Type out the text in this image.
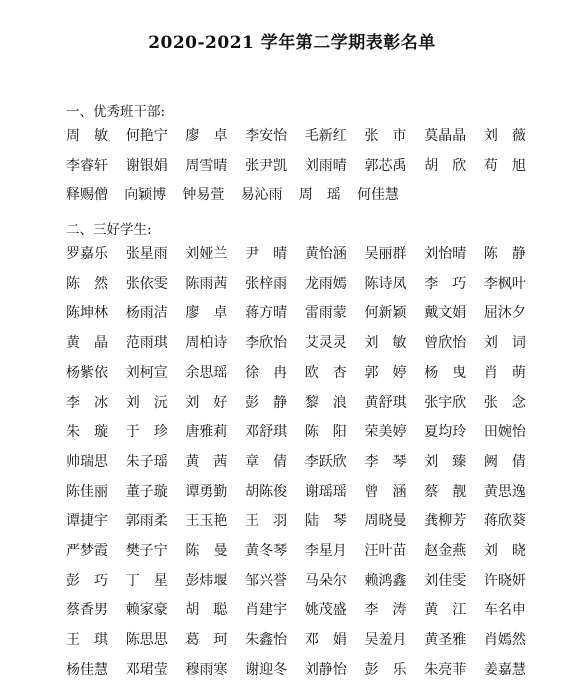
2020-2021 学年第二学期表彰名单
一、优秀班干部:
周　敏	何艳宁	廖　卓	李安怡	毛新红	张　市	莫晶晶	刘　薇
李睿轩	谢银娟	周雪晴	张尹凯	刘雨晴	郭芯禹	胡　欣	苟　旭
释赐僧	向颖博	钟易萱	易沁雨	周　瑶	何佳慧
二、三好学生:
罗嘉乐	张星雨	刘娅兰	尹　晴	黄怡涵	吴丽群	刘怡晴	陈　静
陈　然	张依雯	陈雨茜	张梓雨	龙雨嫣	陈诗凤	李　巧	李枫叶
陈坤林	杨雨洁	廖　卓	蒋方晴	雷雨蒙	何新颖	戴文娟	屈沐夕
黄　晶	范雨琪	周柏诗	李欣怡	艾灵灵	刘　敏	曾欣怡	刘　词
杨紫依	刘柯宣	余思瑶	徐　冉	欧　杏	郭　婷	杨　曳	肖　萌
李　冰	刘　沅	刘　好	彭　静	黎　浪	黄舒琪	张宇欣	张　念
朱　璇	于　珍	唐雅莉	邓舒琪	陈　阳	荣美婷	夏均玲	田婉怡
帅瑞思	朱子瑶	黄　茜	章　倩	李跃欣	李　琴	刘　臻	阙　倩
陈佳丽	董子璇	谭勇勤	胡陈俊	谢瑶瑶	曾　涵	蔡　靓	黄思逸
谭捷宇	郭雨柔	王玉艳	王　羽	陆　琴	周晓曼	龚柳芳	蒋欣葵
严梦霞	樊子宁	陈　曼	黄冬琴	李星月	汪叶苗	赵金燕	刘　晓
彭　巧	丁　星	彭炜堰	邹兴誉	马朵尔	赖鸿鑫	刘佳雯	许晓妍
蔡香男	赖家豪	胡　聪	肖建宇	姚茂盛	李　涛	黄　江	车名申
王　琪	陈思思	葛　珂	朱鑫怡	邓　娟	吴羞月	黄圣雅	肖嫣然
杨佳慧	邓珺莹	穆雨寒	谢迎冬	刘静怡	彭　乐	朱亮菲	姜嘉慧
